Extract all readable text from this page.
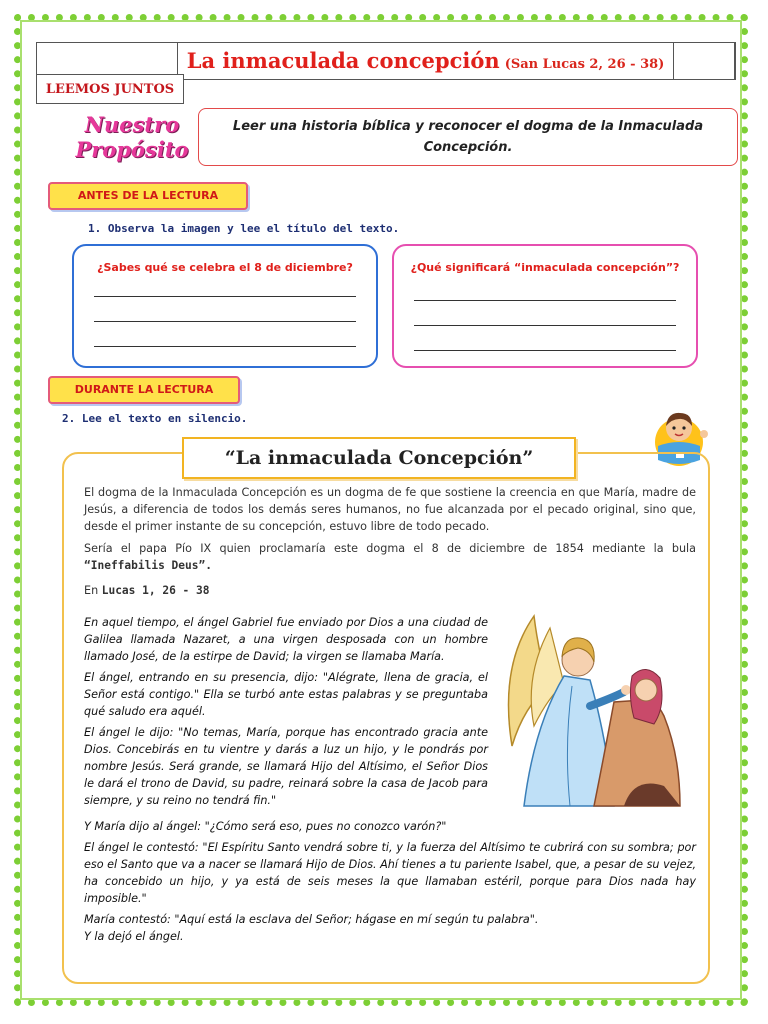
La inmaculada concepción (San Lucas 2, 26 - 38)
LEEMOS JUNTOS
Nuestro
Propósito
Leer una historia bíblica y reconocer el dogma de la Inmaculada Concepción.
ANTES DE LA LECTURA
1. Observa la imagen y lee el título del texto.
¿Sabes qué se celebra el 8 de diciembre?	¿Qué significará “inmaculada concepción”?
DURANTE LA LECTURA
2. Lee el texto en silencio.
“La inmaculada Concepción”
El dogma de la Inmaculada Concepción es un dogma de fe que sostiene la creencia en que María, madre de Jesús, a diferencia de todos los demás seres humanos, no fue alcanzada por el pecado original, sino que, desde el primer instante de su concepción, estuvo libre de todo pecado.
Sería el papa Pío IX quien proclamaría este dogma el 8 de diciembre de 1854 mediante la bula “Ineffabilis Deus”.
En Lucas 1, 26 - 38

En aquel tiempo, el ángel Gabriel fue enviado por Dios a una ciudad de Galilea llamada Nazaret, a una virgen desposada con un hombre llamado José, de la estirpe de David; la virgen se llamaba María.

El ángel, entrando en su presencia, dijo: "Alégrate, llena de gracia, el Señor está contigo." Ella se turbó ante estas palabras y se preguntaba qué saludo era aquél.

El ángel le dijo: "No temas, María, porque has encontrado gracia ante Dios. Concebirás en tu vientre y darás a luz un hijo, y le pondrás por nombre Jesús. Será grande, se llamará Hijo del Altísimo, el Señor Dios le dará el trono de David, su padre, reinará sobre la casa de Jacob para siempre, y su reino no tendrá fin."

Y María dijo al ángel: "¿Cómo será eso, pues no conozco varón?"

El ángel le contestó: "El Espíritu Santo vendrá sobre ti, y la fuerza del Altísimo te cubrirá con su sombra; por eso el Santo que va a nacer se llamará Hijo de Dios. Ahí tienes a tu pariente Isabel, que, a pesar de su vejez, ha concebido un hijo, y ya está de seis meses la que llamaban estéril, porque para Dios nada hay imposible."

María contestó: "Aquí está la esclava del Señor; hágase en mí según tu palabra".

Y la dejó el ángel.
